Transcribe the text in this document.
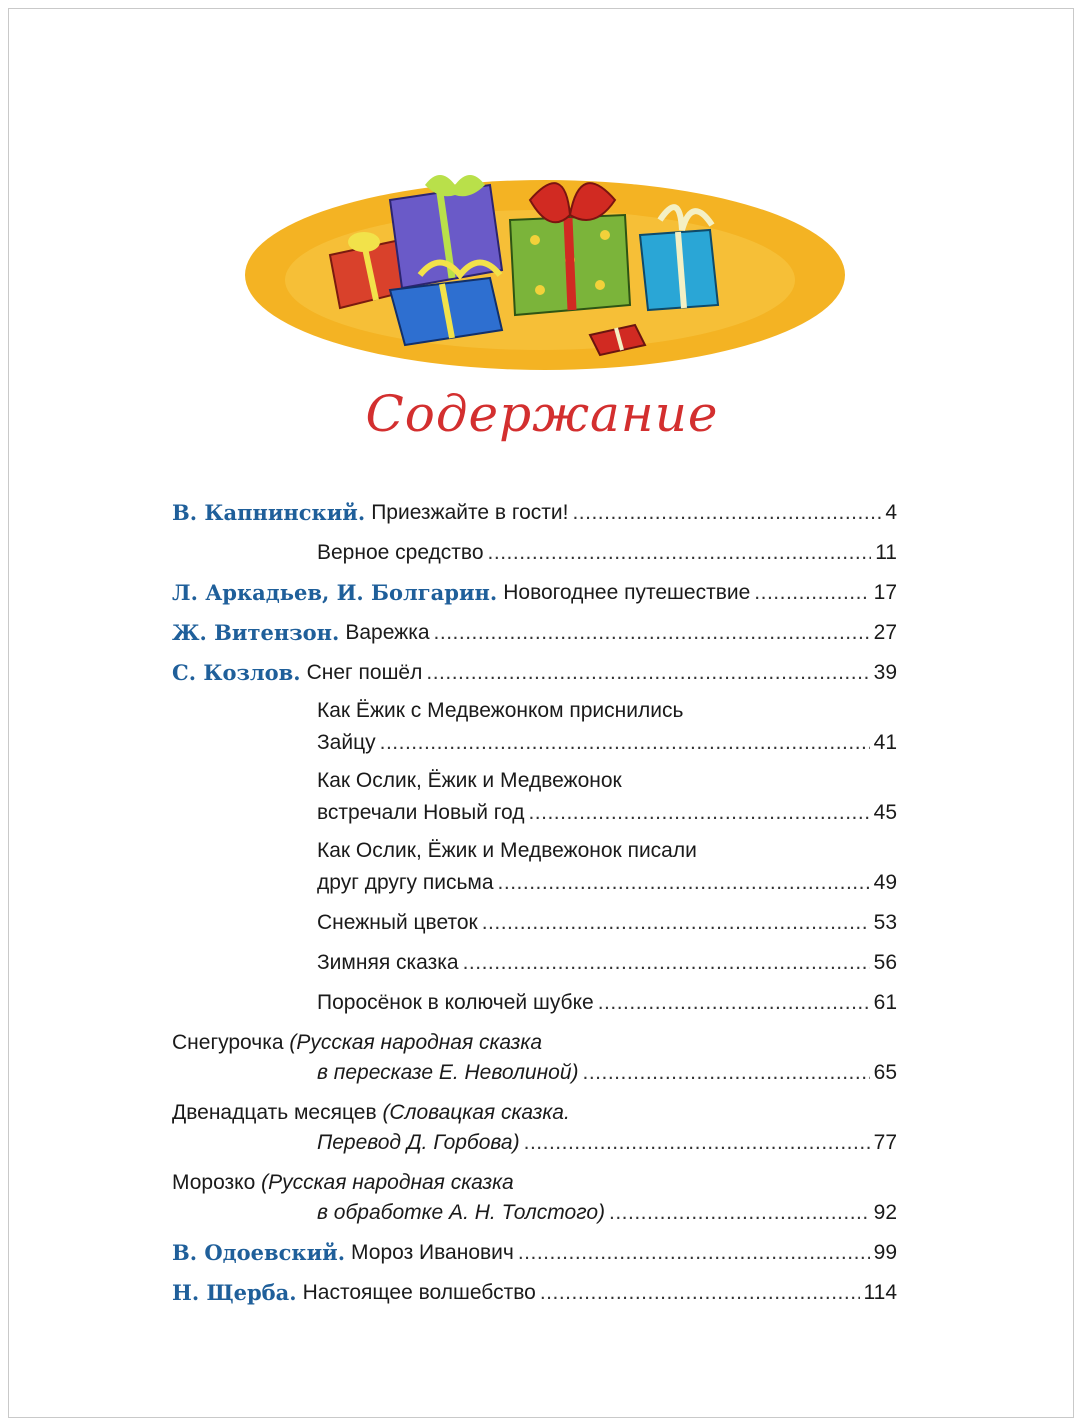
Содержание
В. Капнинский. Приезжайте в гости! .....	4
Верное средство .....	11
Л. Аркадьев, И. Болгарин. Новогоднее путешествие .....	17
Ж. Витензон. Варежка .....	27
С. Козлов. Снег пошёл .....	39
Как Ёжик с Медвежонком приснились
Зайцу .....	41
Как Ослик, Ёжик и Медвежонок
встречали Новый год .....	45
Как Ослик, Ёжик и Медвежонок писали
друг другу письма .....	49
Снежный цветок .....	53
Зимняя сказка .....	56
Поросёнок в колючей шубке .....	61
Снегурочка (Русская народная сказка
в пересказе Е. Неволиной) .....	65
Двенадцать месяцев (Словацкая сказка.
Перевод Д. Горбова) .....	77
Морозко (Русская народная сказка
в обработке А. Н. Толстого) .....	92
В. Одоевский. Мороз Иванович .....	99
Н. Щерба. Настоящее волшебство .....	114
